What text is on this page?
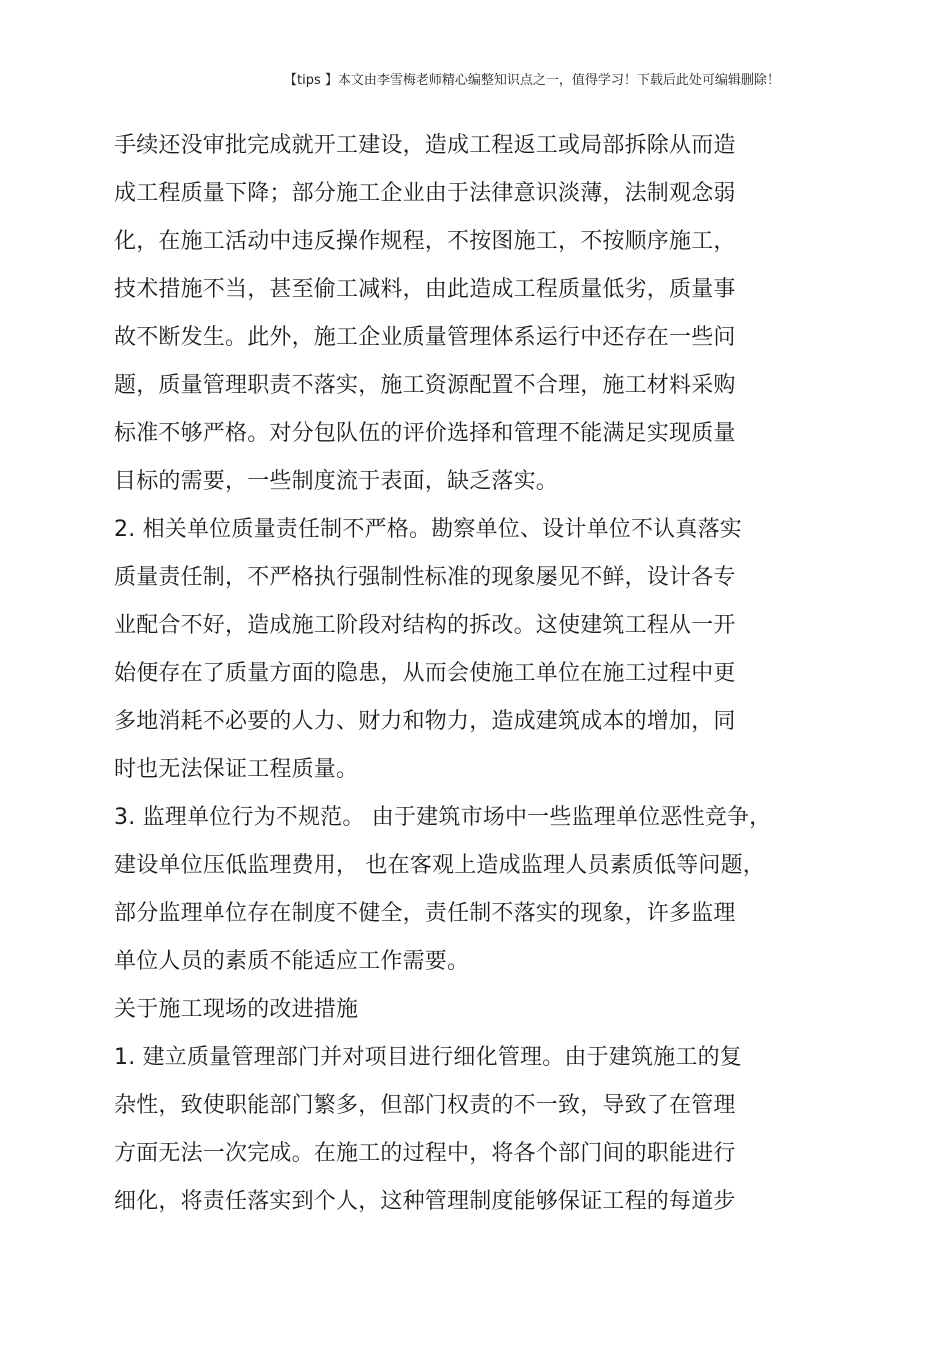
【tips 】本文由李雪梅老师精心编整知识点之一，值得学习！下载后此处可编辑删除！
手续还没审批完成就开工建设，造成工程返工或局部拆除从而造
成工程质量下降；部分施工企业由于法律意识淡薄，法制观念弱
化，在施工活动中违反操作规程，不按图施工，不按顺序施工，
技术措施不当，甚至偷工减料，由此造成工程质量低劣，质量事
故不断发生。此外，施工企业质量管理体系运行中还存在一些问
题，质量管理职责不落实，施工资源配置不合理，施工材料采购
标准不够严格。对分包队伍的评价选择和管理不能满足实现质量
目标的需要，一些制度流于表面，缺乏落实。
2. 相关单位质量责任制不严格。勘察单位、设计单位不认真落实
质量责任制，不严格执行强制性标准的现象屡见不鲜，设计各专
业配合不好，造成施工阶段对结构的拆改。这使建筑工程从一开
始便存在了质量方面的隐患，从而会使施工单位在施工过程中更
多地消耗不必要的人力、财力和物力，造成建筑成本的增加，同
时也无法保证工程质量。
3. 监理单位行为不规范。 由于建筑市场中一些监理单位恶性竞争，
建设单位压低监理费用， 也在客观上造成监理人员素质低等问题，
部分监理单位存在制度不健全，责任制不落实的现象，许多监理
单位人员的素质不能适应工作需要。
关于施工现场的改进措施
1. 建立质量管理部门并对项目进行细化管理。由于建筑施工的复
杂性，致使职能部门繁多，但部门权责的不一致，导致了在管理
方面无法一次完成。在施工的过程中，将各个部门间的职能进行
细化，将责任落实到个人，这种管理制度能够保证工程的每道步
